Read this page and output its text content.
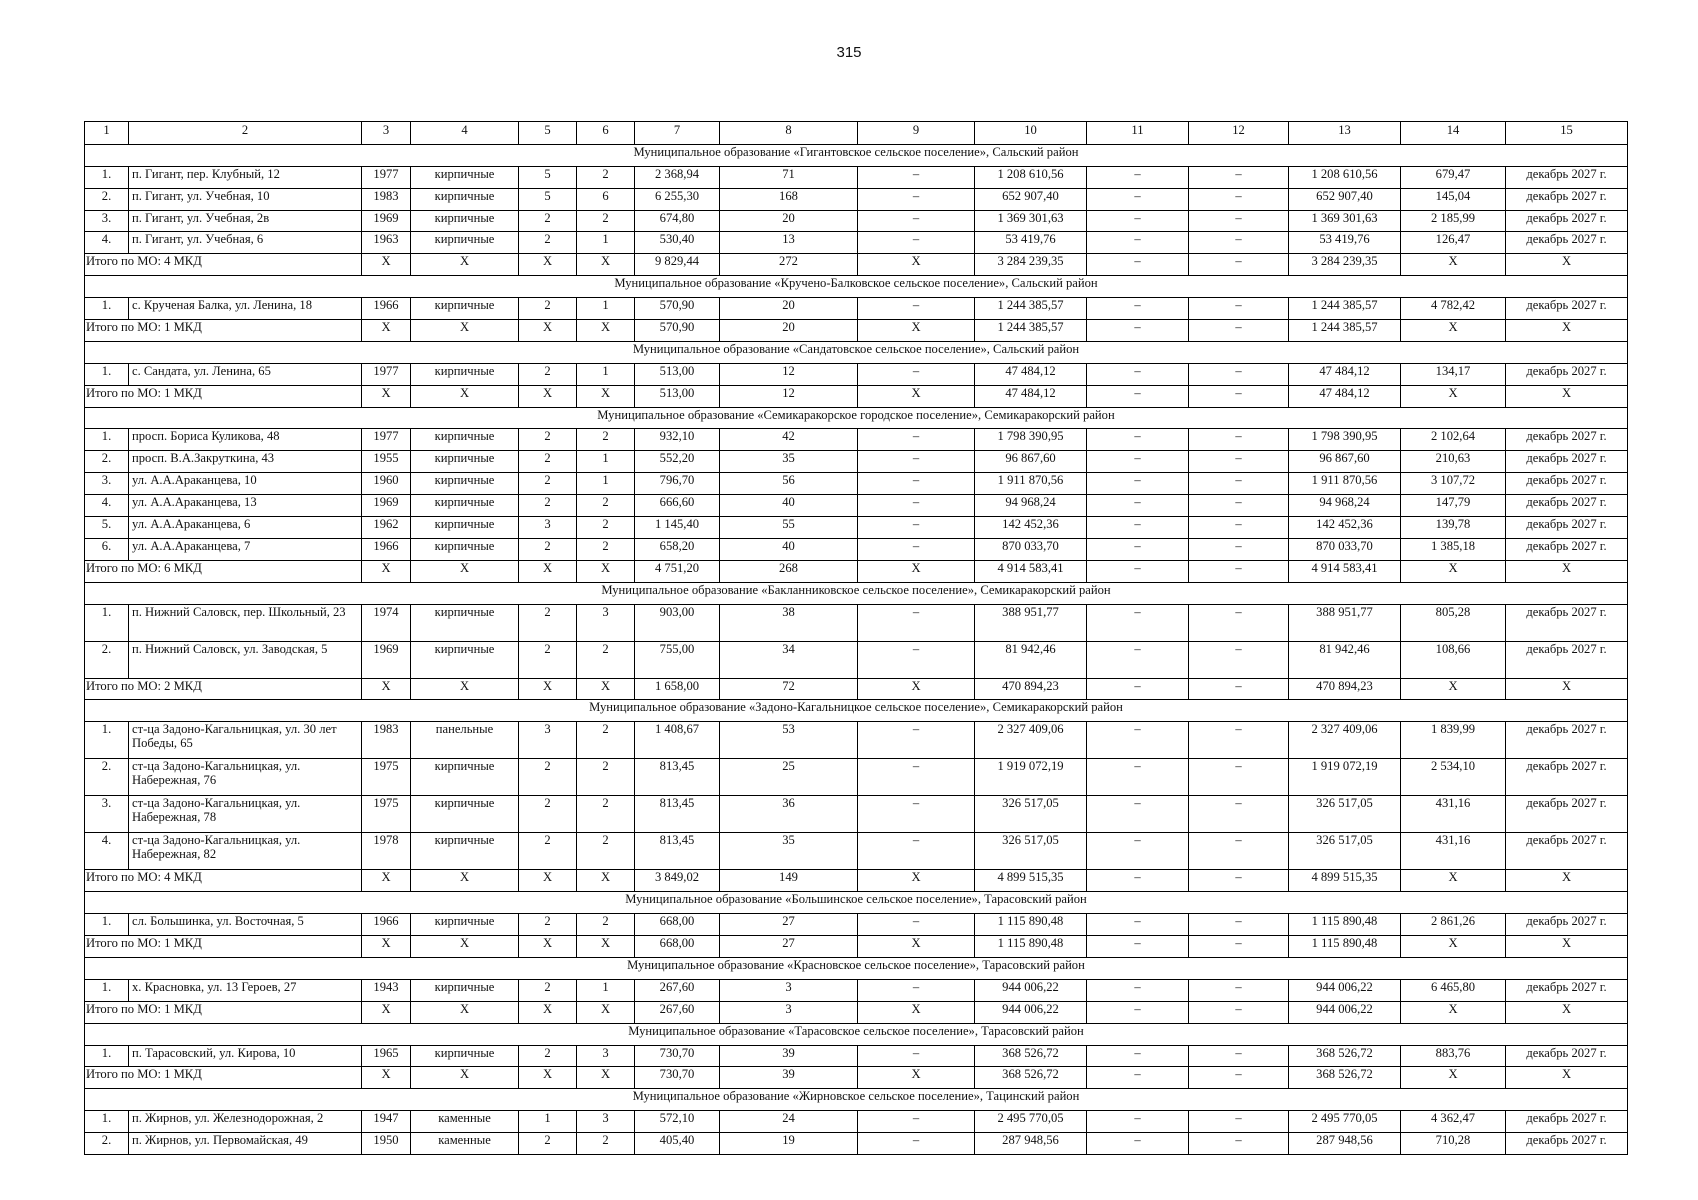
315
1	2	3	4	5	6	7	8	9	10	11	12	13	14	15
Муниципальное образование «Гигантовское сельское поселение», Сальский район														
1.	п. Гигант, пер. Клубный, 12	1977	кирпичные	5	2	2 368,94	71	–	1 208 610,56	–	–	1 208 610,56	679,47	декабрь 2027 г.
2.	п. Гигант, ул. Учебная, 10	1983	кирпичные	5	6	6 255,30	168	–	652 907,40	–	–	652 907,40	145,04	декабрь 2027 г.
3.	п. Гигант, ул. Учебная, 2в	1969	кирпичные	2	2	674,80	20	–	1 369 301,63	–	–	1 369 301,63	2 185,99	декабрь 2027 г.
4.	п. Гигант, ул. Учебная, 6	1963	кирпичные	2	1	530,40	13	–	53 419,76	–	–	53 419,76	126,47	декабрь 2027 г.
Итого по МО: 4 МКД		X	X	X	X	9 829,44	272	X	3 284 239,35	–	–	3 284 239,35	X	X
Муниципальное образование «Кручено-Балковское сельское поселение», Сальский район														
1.	с. Крученая Балка, ул. Ленина, 18	1966	кирпичные	2	1	570,90	20	–	1 244 385,57	–	–	1 244 385,57	4 782,42	декабрь 2027 г.
Итого по МО: 1 МКД		X	X	X	X	570,90	20	X	1 244 385,57	–	–	1 244 385,57	X	X
Муниципальное образование «Сандатовское сельское поселение», Сальский район														
1.	с. Сандата, ул. Ленина, 65	1977	кирпичные	2	1	513,00	12	–	47 484,12	–	–	47 484,12	134,17	декабрь 2027 г.
Итого по МО: 1 МКД		X	X	X	X	513,00	12	X	47 484,12	–	–	47 484,12	X	X
Муниципальное образование «Семикаракорское городское поселение», Семикаракорский район														
1.	просп. Бориса Куликова, 48	1977	кирпичные	2	2	932,10	42	–	1 798 390,95	–	–	1 798 390,95	2 102,64	декабрь 2027 г.
2.	просп. В.А.Закруткина, 43	1955	кирпичные	2	1	552,20	35	–	96 867,60	–	–	96 867,60	210,63	декабрь 2027 г.
3.	ул. А.А.Араканцева, 10	1960	кирпичные	2	1	796,70	56	–	1 911 870,56	–	–	1 911 870,56	3 107,72	декабрь 2027 г.
4.	ул. А.А.Араканцева, 13	1969	кирпичные	2	2	666,60	40	–	94 968,24	–	–	94 968,24	147,79	декабрь 2027 г.
5.	ул. А.А.Араканцева, 6	1962	кирпичные	3	2	1 145,40	55	–	142 452,36	–	–	142 452,36	139,78	декабрь 2027 г.
6.	ул. А.А.Араканцева, 7	1966	кирпичные	2	2	658,20	40	–	870 033,70	–	–	870 033,70	1 385,18	декабрь 2027 г.
Итого по МО: 6 МКД		X	X	X	X	4 751,20	268	X	4 914 583,41	–	–	4 914 583,41	X	X
Муниципальное образование «Бакланниковское сельское поселение», Семикаракорский район														
1.	п. Нижний Саловск, пер. Школьный, 23	1974	кирпичные	2	3	903,00	38	–	388 951,77	–	–	388 951,77	805,28	декабрь 2027 г.
2.	п. Нижний Саловск, ул. Заводская, 5	1969	кирпичные	2	2	755,00	34	–	81 942,46	–	–	81 942,46	108,66	декабрь 2027 г.
Итого по МО: 2 МКД		X	X	X	X	1 658,00	72	X	470 894,23	–	–	470 894,23	X	X
Муниципальное образование «Задоно-Кагальницкое сельское поселение», Семикаракорский район														
1.	ст-ца Задоно-Кагальницкая, ул. 30 лет Победы, 65	1983	панельные	3	2	1 408,67	53	–	2 327 409,06	–	–	2 327 409,06	1 839,99	декабрь 2027 г.
2.	ст-ца Задоно-Кагальницкая, ул. Набережная, 76	1975	кирпичные	2	2	813,45	25	–	1 919 072,19	–	–	1 919 072,19	2 534,10	декабрь 2027 г.
3.	ст-ца Задоно-Кагальницкая, ул. Набережная, 78	1975	кирпичные	2	2	813,45	36	–	326 517,05	–	–	326 517,05	431,16	декабрь 2027 г.
4.	ст-ца Задоно-Кагальницкая, ул. Набережная, 82	1978	кирпичные	2	2	813,45	35	–	326 517,05	–	–	326 517,05	431,16	декабрь 2027 г.
Итого по МО: 4 МКД		X	X	X	X	3 849,02	149	X	4 899 515,35	–	–	4 899 515,35	X	X
Муниципальное образование «Большинское сельское поселение», Тарасовский район														
1.	сл. Большинка, ул. Восточная, 5	1966	кирпичные	2	2	668,00	27	–	1 115 890,48	–	–	1 115 890,48	2 861,26	декабрь 2027 г.
Итого по МО: 1 МКД		X	X	X	X	668,00	27	X	1 115 890,48	–	–	1 115 890,48	X	X
Муниципальное образование «Красновское сельское поселение», Тарасовский район														
1.	х. Красновка, ул. 13 Героев, 27	1943	кирпичные	2	1	267,60	3	–	944 006,22	–	–	944 006,22	6 465,80	декабрь 2027 г.
Итого по МО: 1 МКД		X	X	X	X	267,60	3	X	944 006,22	–	–	944 006,22	X	X
Муниципальное образование «Тарасовское сельское поселение», Тарасовский район														
1.	п. Тарасовский, ул. Кирова, 10	1965	кирпичные	2	3	730,70	39	–	368 526,72	–	–	368 526,72	883,76	декабрь 2027 г.
Итого по МО: 1 МКД		X	X	X	X	730,70	39	X	368 526,72	–	–	368 526,72	X	X
Муниципальное образование «Жирновское сельское поселение», Тацинский район														
1.	п. Жирнов, ул. Железнодорожная, 2	1947	каменные	1	3	572,10	24	–	2 495 770,05	–	–	2 495 770,05	4 362,47	декабрь 2027 г.
2.	п. Жирнов, ул. Первомайская, 49	1950	каменные	2	2	405,40	19	–	287 948,56	–	–	287 948,56	710,28	декабрь 2027 г.
